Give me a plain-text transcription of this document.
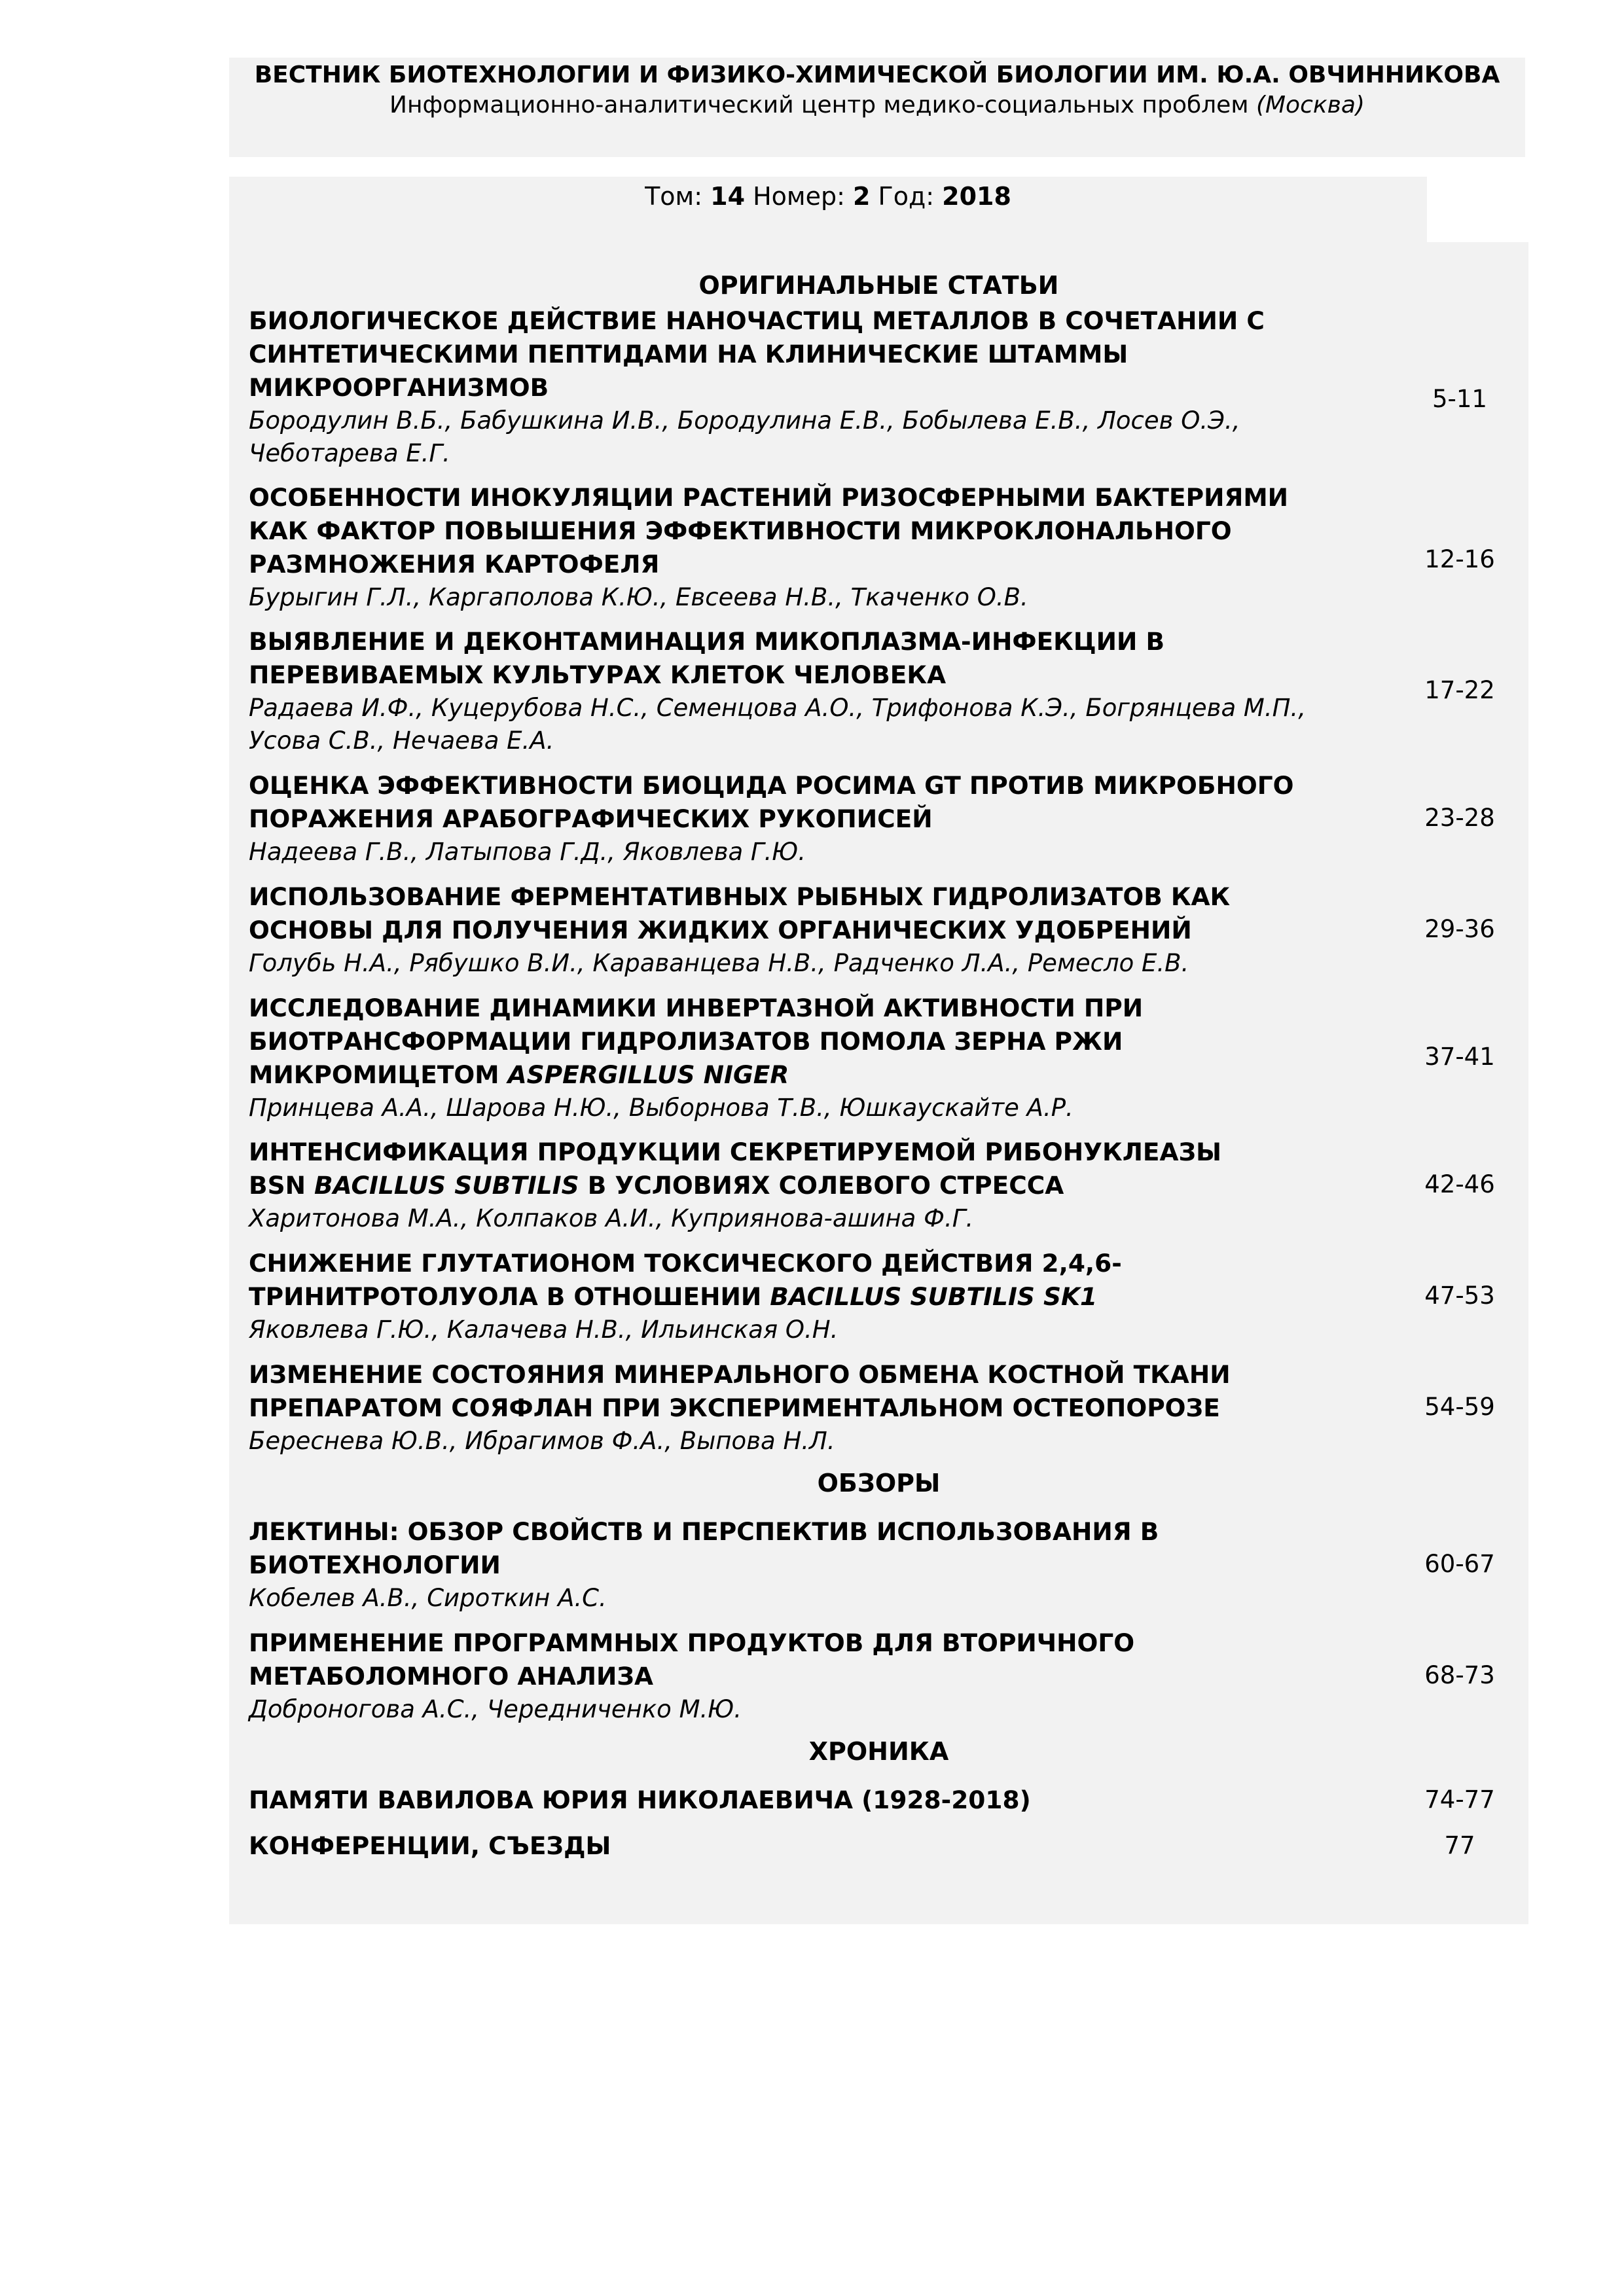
ВЕСТНИК БИОТЕХНОЛОГИИ И ФИЗИКО-ХИМИЧЕСКОЙ БИОЛОГИИ ИМ. Ю.А. ОВЧИННИКОВА
Информационно-аналитический центр медико-социальных проблем (Москва)
Том: 14 Номер: 2 Год: 2018
ОРИГИНАЛЬНЫЕ СТАТЬИ
БИОЛОГИЧЕСКОЕ ДЕЙСТВИЕ НАНОЧАСТИЦ МЕТАЛЛОВ В СОЧЕТАНИИ С
СИНТЕТИЧЕСКИМИ ПЕПТИДАМИ НА КЛИНИЧЕСКИЕ ШТАММЫ
МИКРООРГАНИЗМОВ
Бородулин В.Б., Бабушкина И.В., Бородулина Е.В., Бобылева Е.В., Лосев О.Э.,
Чеботарева Е.Г.
5-11
ОСОБЕННОСТИ ИНОКУЛЯЦИИ РАСТЕНИЙ РИЗОСФЕРНЫМИ БАКТЕРИЯМИ
КАК ФАКТОР ПОВЫШЕНИЯ ЭФФЕКТИВНОСТИ МИКРОКЛОНАЛЬНОГО
РАЗМНОЖЕНИЯ КАРТОФЕЛЯ
Бурыгин Г.Л., Каргаполова К.Ю., Евсеева Н.В., Ткаченко О.В.
12-16
ВЫЯВЛЕНИЕ И ДЕКОНТАМИНАЦИЯ МИКОПЛАЗМА-ИНФЕКЦИИ В
ПЕРЕВИВАЕМЫХ КУЛЬТУРАХ КЛЕТОК ЧЕЛОВЕКА
Радаева И.Ф., Куцерубова Н.С., Семенцова А.О., Трифонова К.Э., Богрянцева М.П.,
Усова С.В., Нечаева Е.А.
17-22
ОЦЕНКА ЭФФЕКТИВНОСТИ БИОЦИДА РОСИМА GT ПРОТИВ МИКРОБНОГО
ПОРАЖЕНИЯ АРАБОГРАФИЧЕСКИХ РУКОПИСЕЙ
Надеева Г.В., Латыпова Г.Д., Яковлева Г.Ю.
23-28
ИСПОЛЬЗОВАНИЕ ФЕРМЕНТАТИВНЫХ РЫБНЫХ ГИДРОЛИЗАТОВ КАК
ОСНОВЫ ДЛЯ ПОЛУЧЕНИЯ ЖИДКИХ ОРГАНИЧЕСКИХ УДОБРЕНИЙ
Голубь Н.А., Рябушко В.И., Караванцева Н.В., Радченко Л.А., Ремесло Е.В.
29-36
ИССЛЕДОВАНИЕ ДИНАМИКИ ИНВЕРТАЗНОЙ АКТИВНОСТИ ПРИ
БИОТРАНСФОРМАЦИИ ГИДРОЛИЗАТОВ ПОМОЛА ЗЕРНА РЖИ
МИКРОМИЦЕТОМ ASPERGILLUS NIGER
Принцева А.А., Шарова Н.Ю., Выборнова Т.В., Юшкаускайте А.Р.
37-41
ИНТЕНСИФИКАЦИЯ ПРОДУКЦИИ СЕКРЕТИРУЕМОЙ РИБОНУКЛЕАЗЫ
BSN BACILLUS SUBTILIS В УСЛОВИЯХ СОЛЕВОГО СТРЕССА
Харитонова М.А., Колпаков А.И., Куприянова-ашина Ф.Г.
42-46
СНИЖЕНИЕ ГЛУТАТИОНОМ ТОКСИЧЕСКОГО ДЕЙСТВИЯ 2,4,6-
ТРИНИТРОТОЛУОЛА В ОТНОШЕНИИ BACILLUS SUBTILIS SK1
Яковлева Г.Ю., Калачева Н.В., Ильинская О.Н.
47-53
ИЗМЕНЕНИЕ СОСТОЯНИЯ МИНЕРАЛЬНОГО ОБМЕНА КОСТНОЙ ТКАНИ
ПРЕПАРАТОМ СОЯФЛАН ПРИ ЭКСПЕРИМЕНТАЛЬНОМ ОСТЕОПОРОЗЕ
Береснева Ю.В., Ибрагимов Ф.А., Выпова Н.Л.
54-59
ОБЗОРЫ
ЛЕКТИНЫ: ОБЗОР СВОЙСТВ И ПЕРСПЕКТИВ ИСПОЛЬЗОВАНИЯ В
БИОТЕХНОЛОГИИ
Кобелев А.В., Сироткин А.С.
60-67
ПРИМЕНЕНИЕ ПРОГРАММНЫХ ПРОДУКТОВ ДЛЯ ВТОРИЧНОГО
МЕТАБОЛОМНОГО АНАЛИЗА
Доброногова А.С., Чередниченко М.Ю.
68-73
ХРОНИКА
ПАМЯТИ ВАВИЛОВА ЮРИЯ НИКОЛАЕВИЧА (1928-2018)	74-77
КОНФЕРЕНЦИИ, СЪЕЗДЫ	77
